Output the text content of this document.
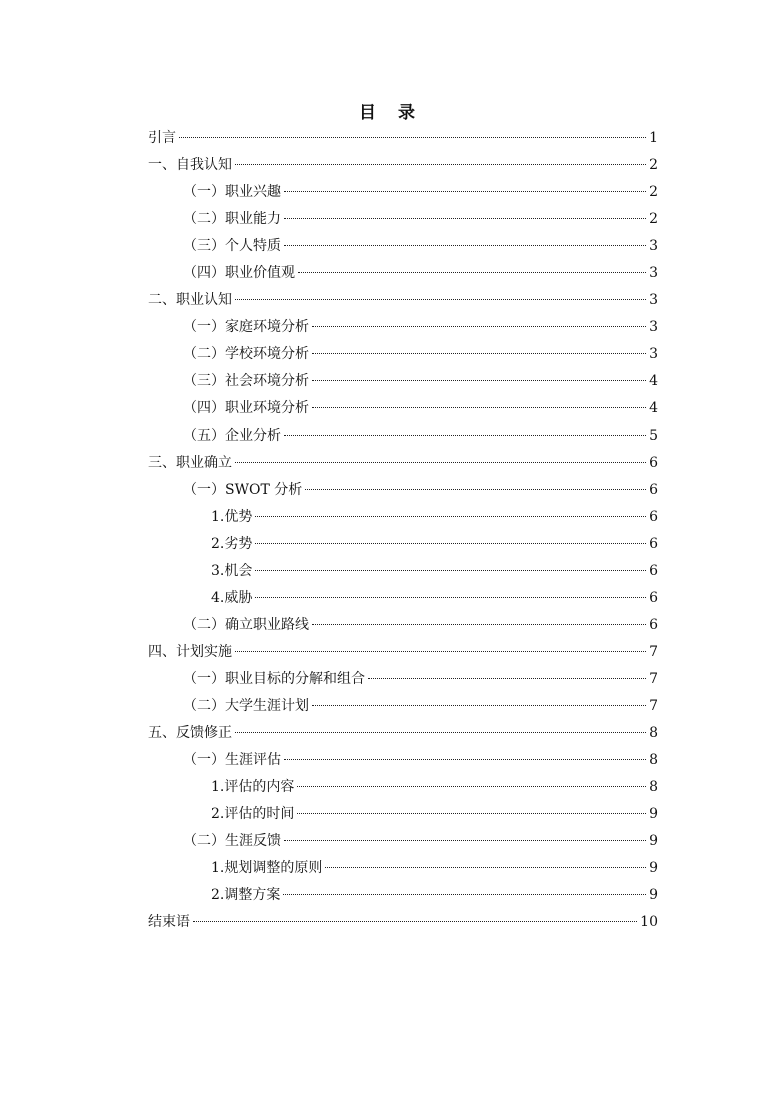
目 录
引言	1
一、自我认知	2
（一）职业兴趣	2
（二）职业能力	2
（三）个人特质	3
（四）职业价值观	3
二、职业认知	3
（一）家庭环境分析	3
（二）学校环境分析	3
（三）社会环境分析	4
（四）职业环境分析	4
（五）企业分析	5
三、职业确立	6
（一）SWOT 分析	6
1.优势	6
2.劣势	6
3.机会	6
4.威胁	6
（二）确立职业路线	6
四、计划实施	7
（一）职业目标的分解和组合	7
（二）大学生涯计划	7
五、反馈修正	8
（一）生涯评估	8
1.评估的内容	8
2.评估的时间	9
（二）生涯反馈	9
1.规划调整的原则	9
2.调整方案	9
结束语	10
